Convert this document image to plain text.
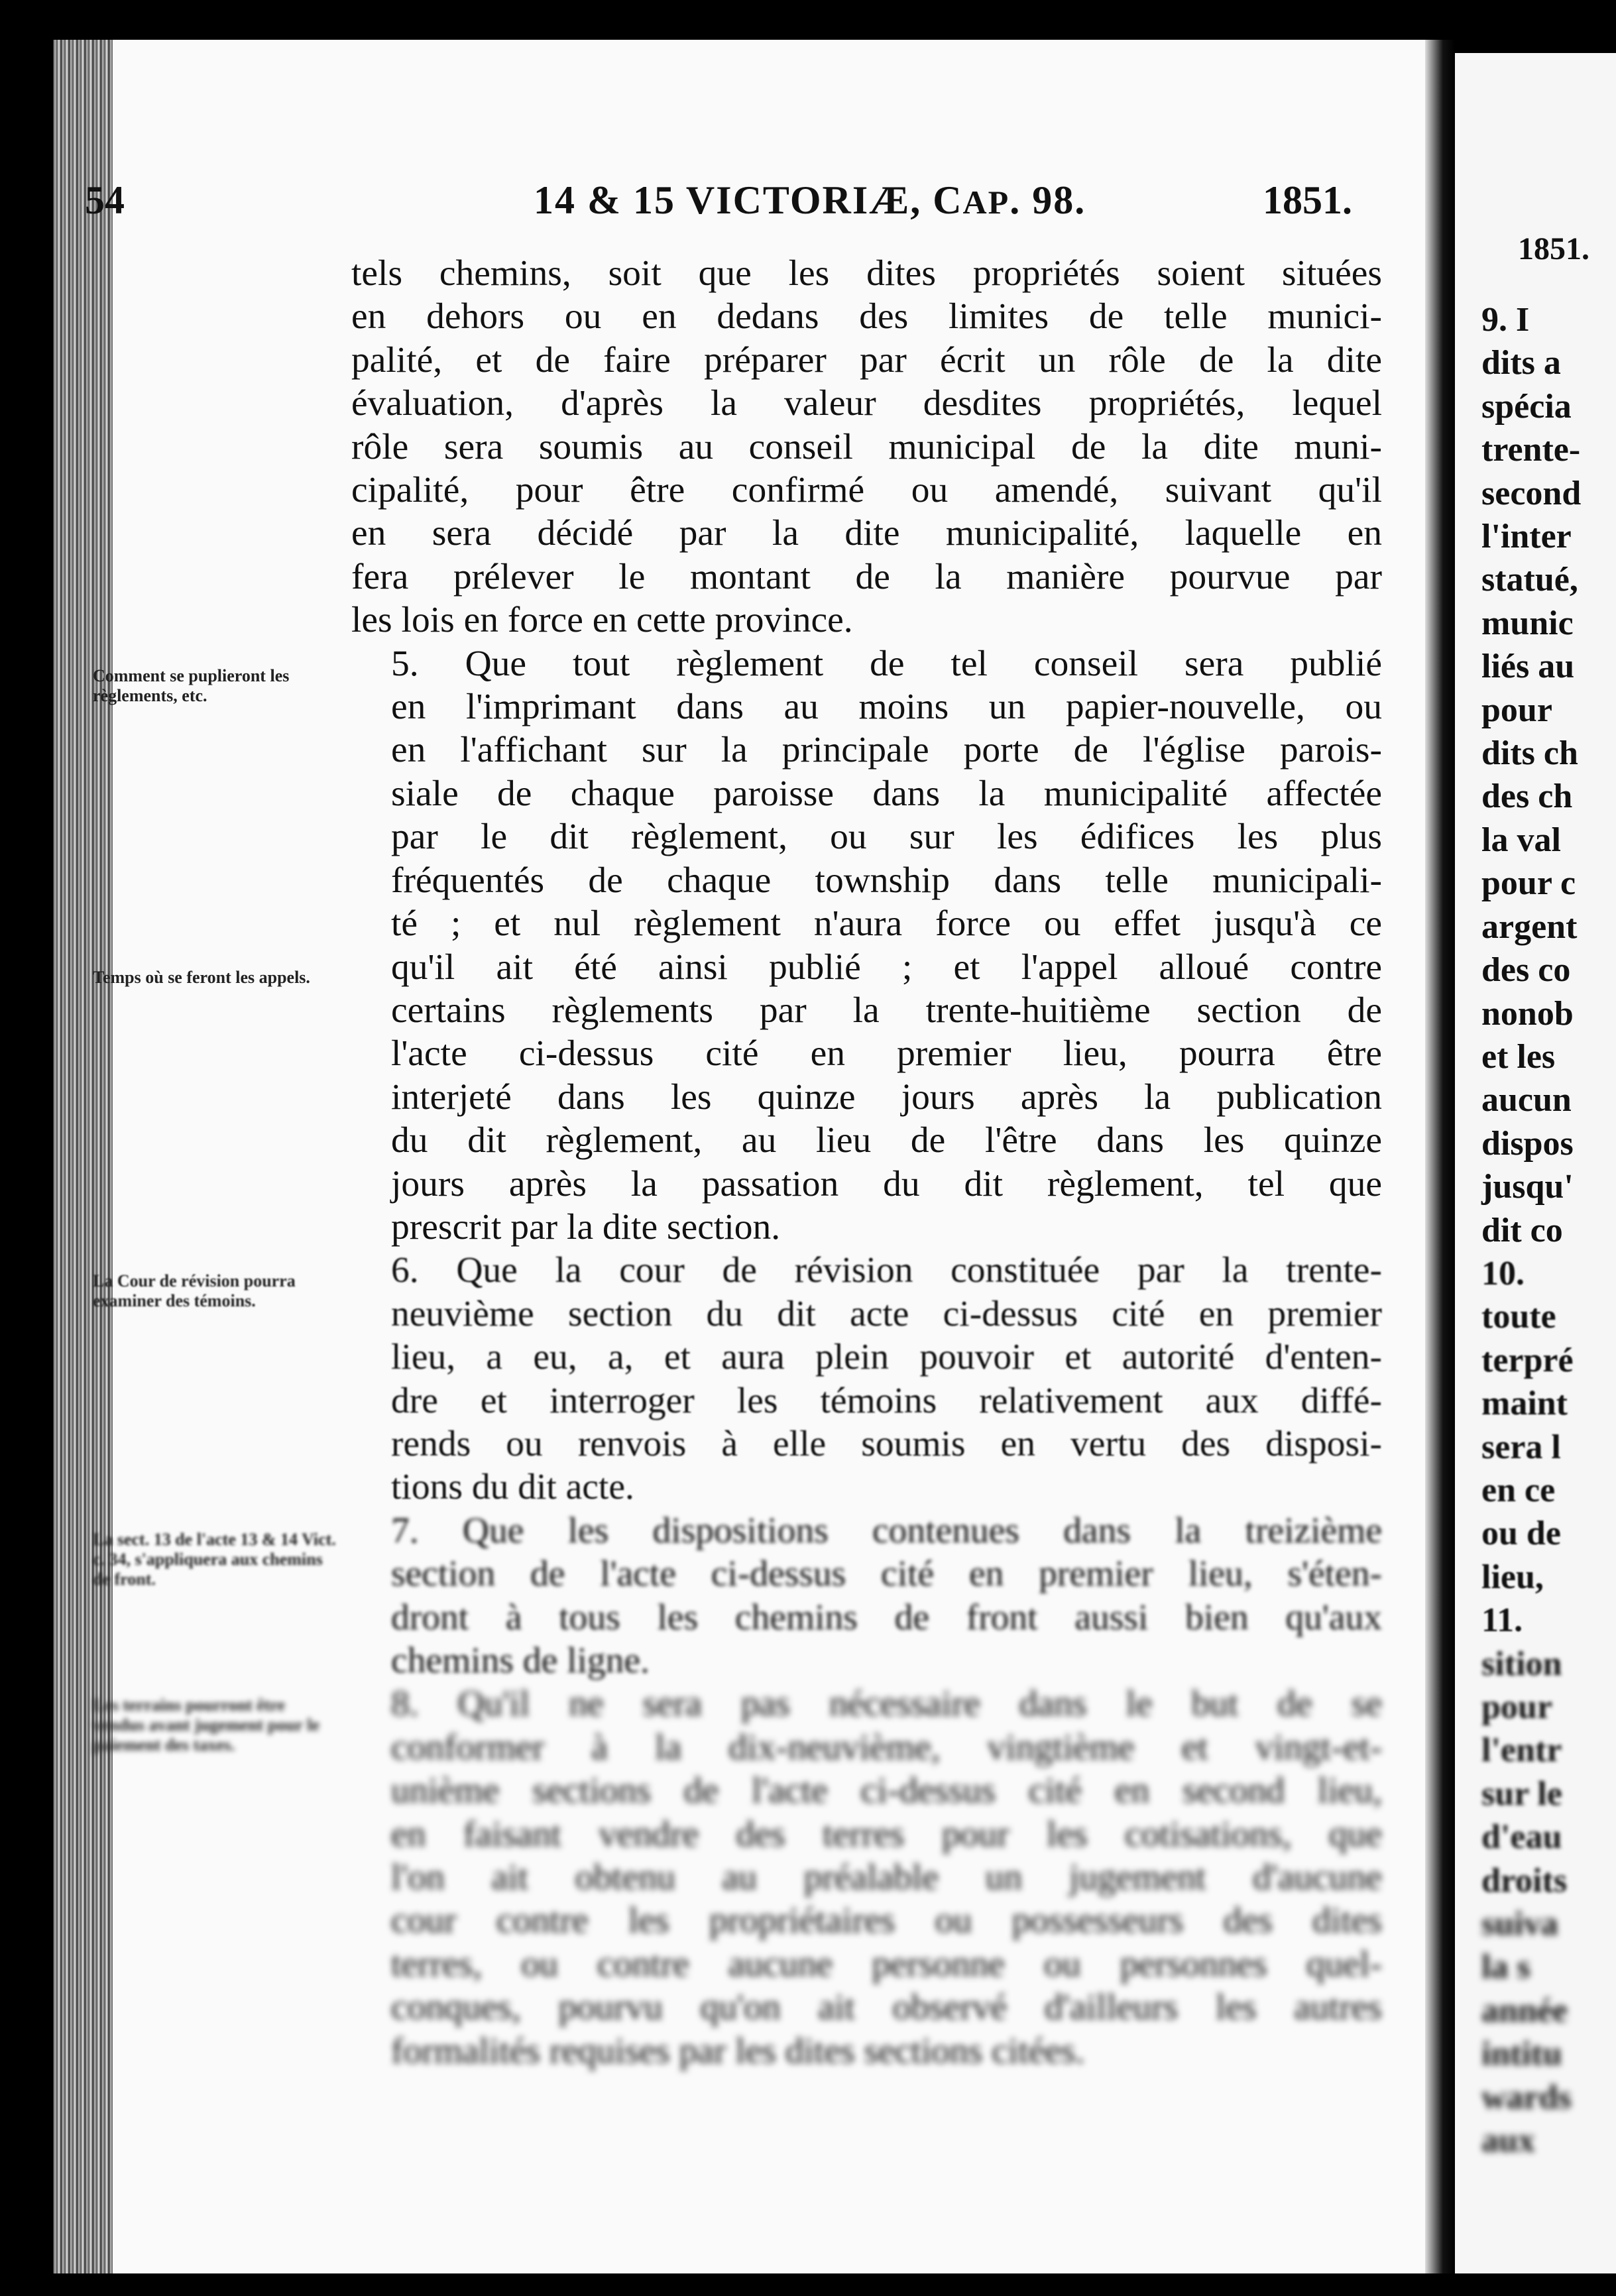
1851.
9. I
dits a
spécia
trente-
second
l'inter
statué,
munic
liés au
pour
dits ch
des ch
la val
pour c
argent
des co
nonob
et les
aucun
dispos
jusqu'
dit co
10.
toute
terpré
maint
sera l
en ce
ou de
lieu,
11.
sition
pour
l'entr
sur le
d'eau
droits
suiva
la s
année
intitu
wards
aux
54	14 & 15 VICTORIÆ, CAP. 98.	1851.
Comment se puplieront les règlements, etc.
Temps où se feront les appels.
La Cour de révision pourra examiner des témoins.
La sect. 13 de l'acte 13 & 14 Vict. c. 34, s'appliquera aux chemins de front.
Les terrains pourront être vendus avant jugement pour le paiement des taxes.
tels chemins, soit que les dites propriétés soient situées
en dehors ou en dedans des limites de telle munici-
palité, et de faire préparer par écrit un rôle de la dite
évaluation, d'après la valeur desdites propriétés, lequel
rôle sera soumis au conseil municipal de la dite muni-
cipalité, pour être confirmé ou amendé, suivant qu'il
en sera décidé par la dite municipalité, laquelle en
fera prélever le montant de la manière pourvue par
les lois en force en cette province.
5. Que tout règlement de tel conseil sera publié
en l'imprimant dans au moins un papier-nouvelle, ou
en l'affichant sur la principale porte de l'église parois-
siale de chaque paroisse dans la municipalité affectée
par le dit règlement, ou sur les édifices les plus
fréquentés de chaque township dans telle municipali-
té ; et nul règlement n'aura force ou effet jusqu'à ce
qu'il ait été ainsi publié ; et l'appel alloué contre
certains règlements par la trente-huitième section de
l'acte ci-dessus cité en premier lieu, pourra être
interjeté dans les quinze jours après la publication
du dit règlement, au lieu de l'être dans les quinze
jours après la passation du dit règlement, tel que
prescrit par la dite section.
6. Que la cour de révision constituée par la trente-
neuvième section du dit acte ci-dessus cité en premier
lieu, a eu, a, et aura plein pouvoir et autorité d'enten-
dre et interroger les témoins relativement aux diffé-
rends ou renvois à elle soumis en vertu des disposi-
tions du dit acte.
7. Que les dispositions contenues dans la treizième
section de l'acte ci-dessus cité en premier lieu, s'éten-
dront à tous les chemins de front aussi bien qu'aux
chemins de ligne.
8. Qu'il ne sera pas nécessaire dans le but de se
conformer à la dix-neuvième, vingtième et vingt-et-
unième sections de l'acte ci-dessus cité en second lieu,
en faisant vendre des terres pour les cotisations, que
l'on ait obtenu au préalable un jugement d'aucune
cour contre les propriétaires ou possesseurs des dites
terres, ou contre aucune personne ou personnes quel-
conques, pourvu qu'on ait observé d'ailleurs les autres
formalités requises par les dites sections citées.
